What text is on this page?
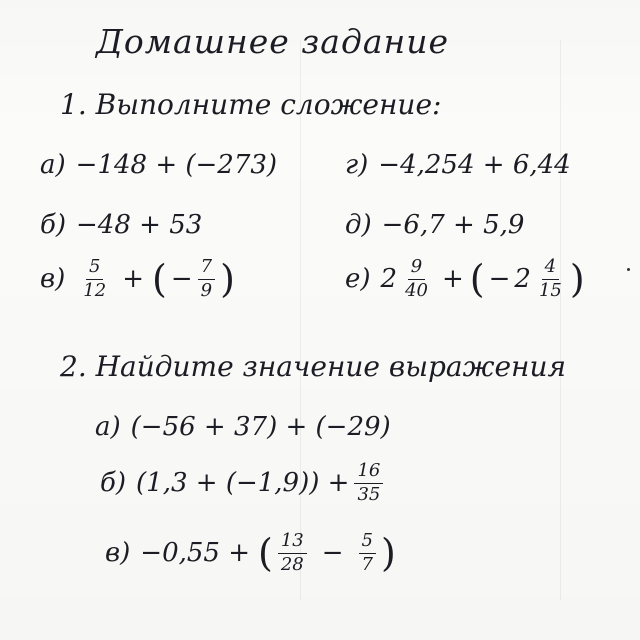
Домашнее задание
1. Выполните сложение:
а) −148 + (−273)	г) −4,254 + 6,44
б) −48 + 53	д) −6,7 + 5,9
$в) \frac{5}{12}$ + ( − $\frac{7}{9}$ )	е) $2 \frac{9}{40}$ + ( − $2 \frac{4}{15}$ )
2. Найдите значение выражения
а) (−56 + 37) + (−29)
б) $(1,3 + (-1,9)) + \frac{16}{35}$
в) −0,55 + ( $\frac{13}{28} - \frac{5}{7}$ )
